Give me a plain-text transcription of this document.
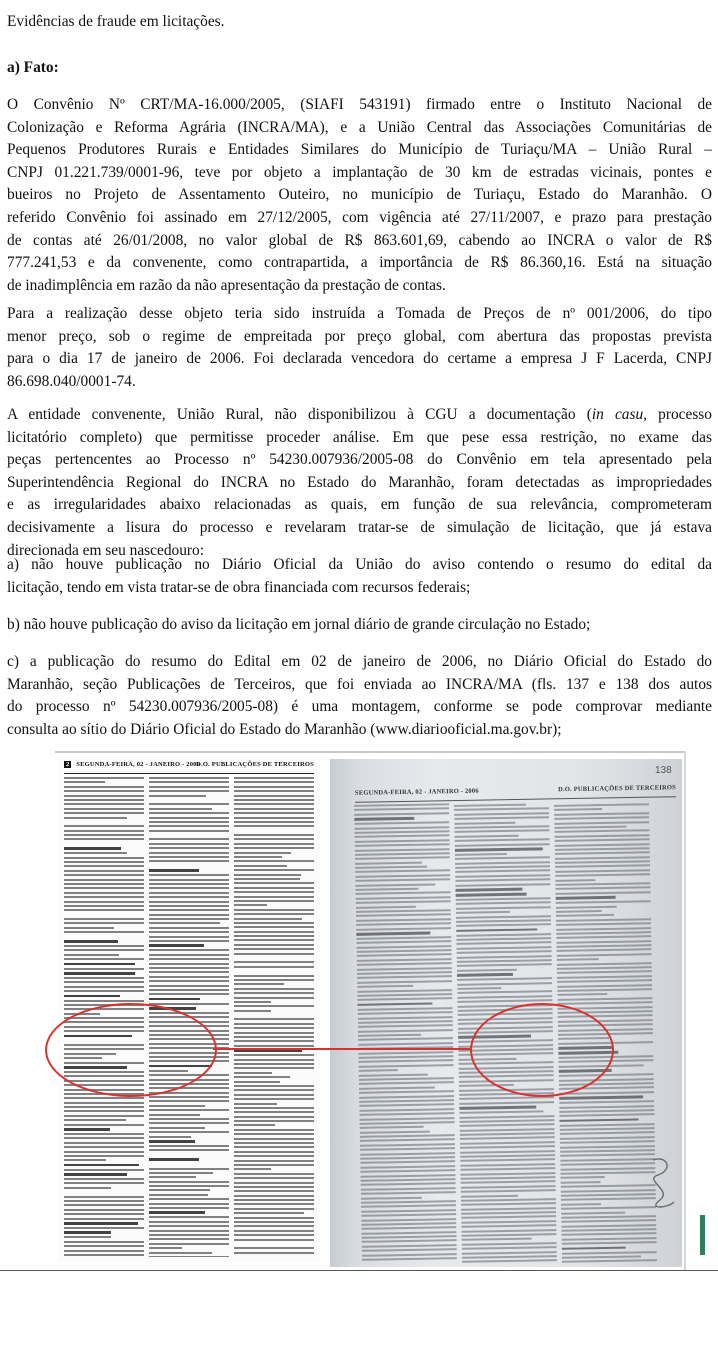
Evidências de fraude em licitações.
a) Fato:
O Convênio Nº CRT/MA-16.000/2005, (SIAFI 543191) firmado entre o Instituto Nacional de
Colonização e Reforma Agrária (INCRA/MA), e a União Central das Associações Comunitárias de
Pequenos Produtores Rurais e Entidades Similares do Município de Turiaçu/MA – União Rural –
CNPJ 01.221.739/0001-96, teve por objeto a implantação de 30 km de estradas vicinais, pontes e
bueiros no Projeto de Assentamento Outeiro, no município de Turiaçu, Estado do Maranhão. O
referido Convênio foi assinado em 27/12/2005, com vigência até 27/11/2007, e prazo para prestação
de contas até 26/01/2008, no valor global de R$ 863.601,69, cabendo ao INCRA o valor de R$
777.241,53 e da convenente, como contrapartida, a importância de R$ 86.360,16. Está na situação
de inadimplência em razão da não apresentação da prestação de contas.
Para a realização desse objeto teria sido instruída a Tomada de Preços de nº 001/2006, do tipo
menor preço, sob o regime de empreitada por preço global, com abertura das propostas prevista
para o dia 17 de janeiro de 2006. Foi declarada vencedora do certame a empresa J F Lacerda, CNPJ
86.698.040/0001-74.
A entidade convenente, União Rural, não disponibilizou à CGU a documentação (in casu, processo
licitatório completo) que permitisse proceder análise. Em que pese essa restrição, no exame das
peças pertencentes ao Processo nº 54230.007936/2005-08 do Convênio em tela apresentado pela
Superintendência Regional do INCRA no Estado do Maranhão, foram detectadas as impropriedades
e as irregularidades abaixo relacionadas as quais, em função de sua relevância, comprometeram
decisivamente a lisura do processo e revelaram tratar-se de simulação de licitação, que já estava
direcionada em seu nascedouro:
a) não houve publicação no Diário Oficial da União do aviso contendo o resumo do edital da
licitação, tendo em vista tratar-se de obra financiada com recursos federais;
b) não houve publicação do aviso da licitação em jornal diário de grande circulação no Estado;
c) a publicação do resumo do Edital em 02 de janeiro de 2006, no Diário Oficial do Estado do
Maranhão, seção Publicações de Terceiros, que foi enviada ao INCRA/MA (fls. 137 e 138 dos autos
do processo nº 54230.007936/2005-08) é uma montagem, conforme se pode comprovar mediante
consulta ao sítio do Diário Oficial do Estado do Maranhão (www.diariooficial.ma.gov.br);
2 SEGUNDA-FEIRA, 02 - JANEIRO - 2006
D.O. PUBLICAÇÕES DE TERCEIROS
SEGUNDA-FEIRA, 02 - JANEIRO - 2006	D.O. PUBLICAÇÕES DE TERCEIROS
138
